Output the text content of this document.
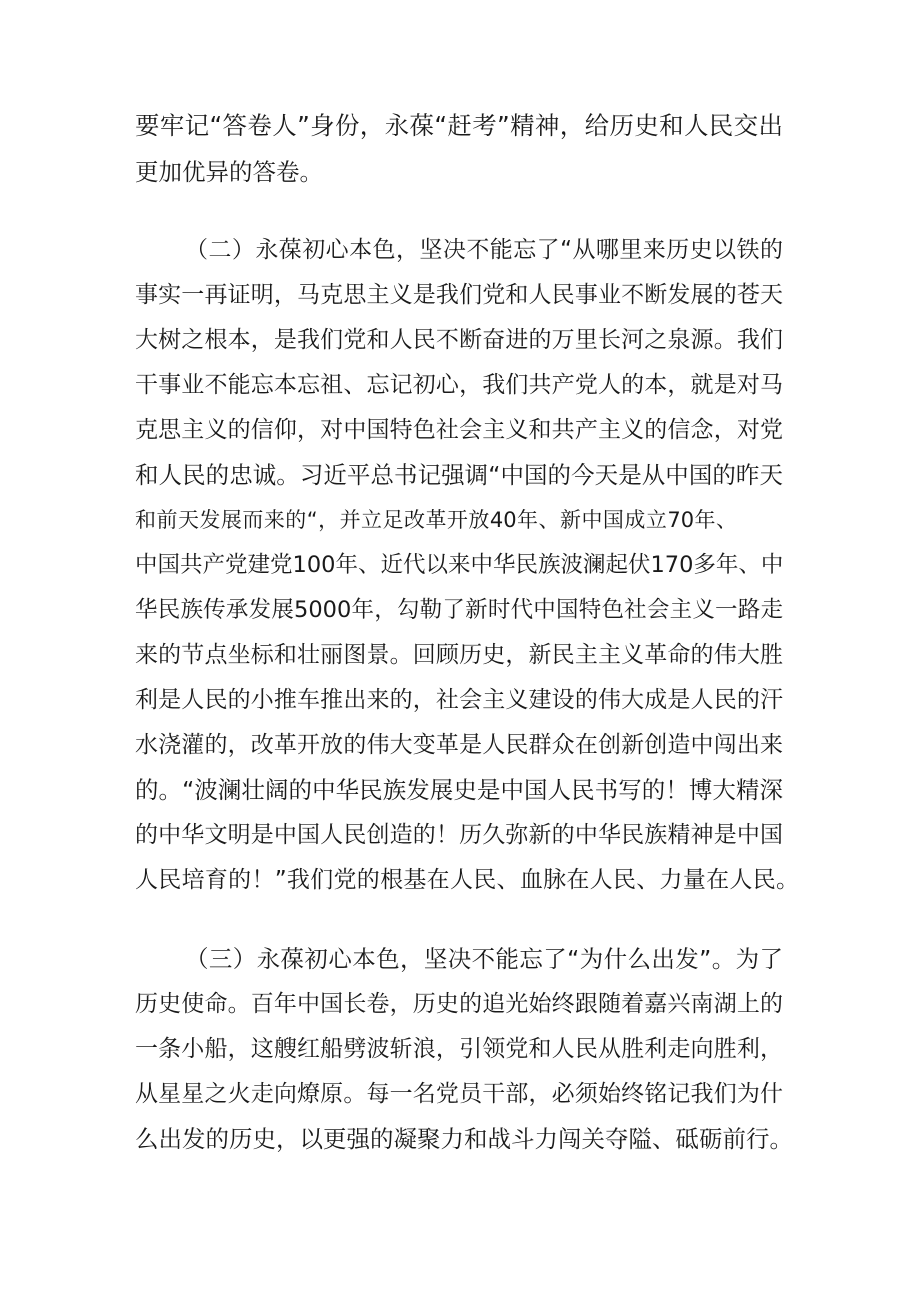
要牢记“答卷人”身份，永葆“赶考”精神，给历史和人民交出

更加优异的答卷。

（二）永葆初心本色，坚决不能忘了“从哪里来历史以铁的

事实一再证明，马克思主义是我们党和人民事业不断发展的苍天

大树之根本，是我们党和人民不断奋进的万里长河之泉源。我们

干事业不能忘本忘祖、忘记初心，我们共产党人的本，就是对马

克思主义的信仰，对中国特色社会主义和共产主义的信念，对党

和人民的忠诚。习近平总书记强调“中国的今天是从中国的昨天

和前天发展而来的“，并立足改革开放40年、新中国成立70年、

中国共产党建党100年、近代以来中华民族波澜起伏170多年、中

华民族传承发展5000年，勾勒了新时代中国特色社会主义一路走

来的节点坐标和壮丽图景。回顾历史，新民主主义革命的伟大胜

利是人民的小推车推出来的，社会主义建设的伟大成是人民的汗

水浇灌的，改革开放的伟大变革是人民群众在创新创造中闯出来

的。“波澜壮阔的中华民族发展史是中国人民书写的！博大精深

的中华文明是中国人民创造的！历久弥新的中华民族精神是中国

人民培育的！”我们党的根基在人民、血脉在人民、力量在人民。

（三）永葆初心本色，坚决不能忘了“为什么出发”。为了

历史使命。百年中国长卷，历史的追光始终跟随着嘉兴南湖上的

一条小船，这艘红船劈波斩浪，引领党和人民从胜利走向胜利，

从星星之火走向燎原。每一名党员干部，必须始终铭记我们为什

么出发的历史，以更强的凝聚力和战斗力闯关夺隘、砥砺前行。
